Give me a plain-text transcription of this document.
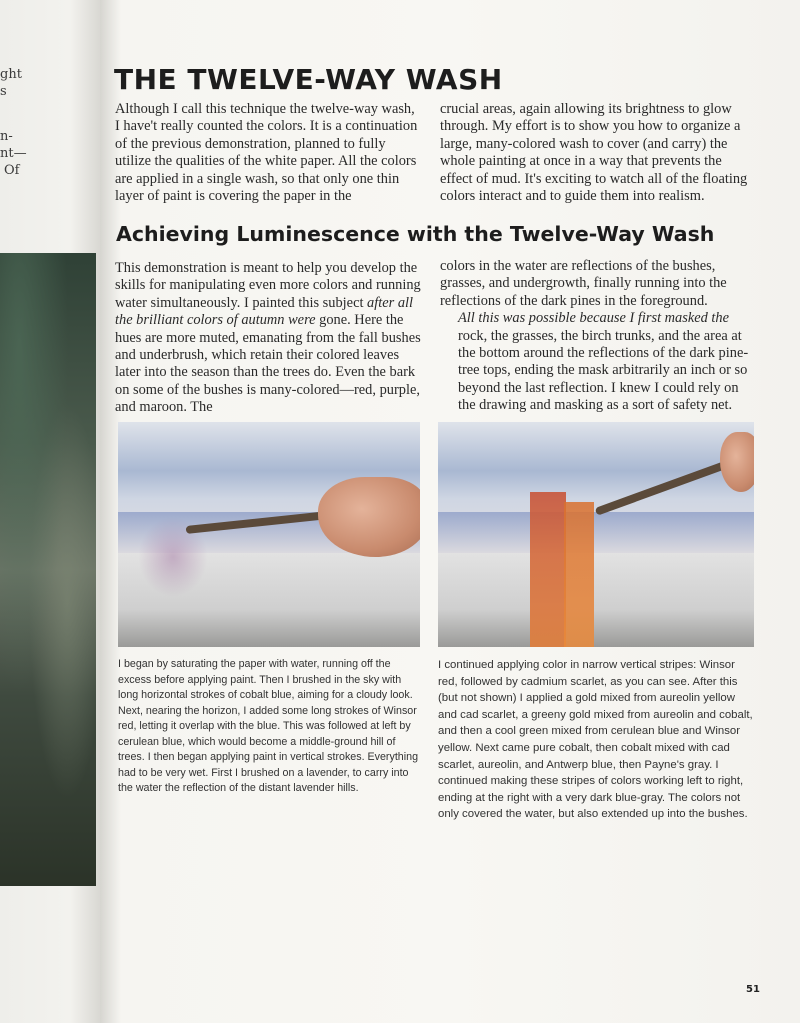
ght
s
n-
nt—
Of
THE TWELVE-WAY WASH

Although I call this technique the twelve-way wash, I have't really counted the colors. It is a continuation of the previous demonstration, planned to fully utilize the qualities of the white paper. All the colors are applied in a single wash, so that only one thin layer of paint is covering the paper in the

crucial areas, again allowing its brightness to glow through. My effort is to show you how to organize a large, many-colored wash to cover (and carry) the whole painting at once in a way that prevents the effect of mud. It's exciting to watch all of the floating colors interact and to guide them into realism.

Achieving Luminescence with the Twelve-Way Wash

This demonstration is meant to help you develop the skills for manipulating even more colors and running water simultaneously. I painted this subject after all the brilliant colors of autumn were gone. Here the hues are more muted, emanating from the fall bushes and underbrush, which retain their colored leaves later into the season than the trees do. Even the bark on some of the bushes is many-colored—red, purple, and maroon. The

colors in the water are reflections of the bushes, grasses, and undergrowth, finally running into the reflections of the dark pines in the foreground.
All this was possible because I first masked the rock, the grasses, the birch trunks, and the area at the bottom around the reflections of the dark pine-tree tops, ending the mask arbitrarily an inch or so beyond the last reflection. I knew I could rely on the drawing and masking as a sort of safety net.

I began by saturating the paper with water, running off the excess before applying paint. Then I brushed in the sky with long horizontal strokes of cobalt blue, aiming for a cloudy look. Next, nearing the horizon, I added some long strokes of Winsor red, letting it overlap with the blue. This was followed at left by cerulean blue, which would become a middle-ground hill of trees. I then began applying paint in vertical strokes. Everything had to be very wet. First I brushed on a lavender, to carry into the water the reflection of the distant lavender hills.

I continued applying color in narrow vertical stripes: Winsor red, followed by cadmium scarlet, as you can see. After this (but not shown) I applied a gold mixed from aureolin yellow and cad scarlet, a greeny gold mixed from aureolin and cobalt, and then a cool green mixed from cerulean blue and Winsor yellow. Next came pure cobalt, then cobalt mixed with cad scarlet, aureolin, and Antwerp blue, then Payne's gray. I continued making these stripes of colors working left to right, ending at the right with a very dark blue-gray. The colors not only covered the water, but also extended up into the bushes.

51
